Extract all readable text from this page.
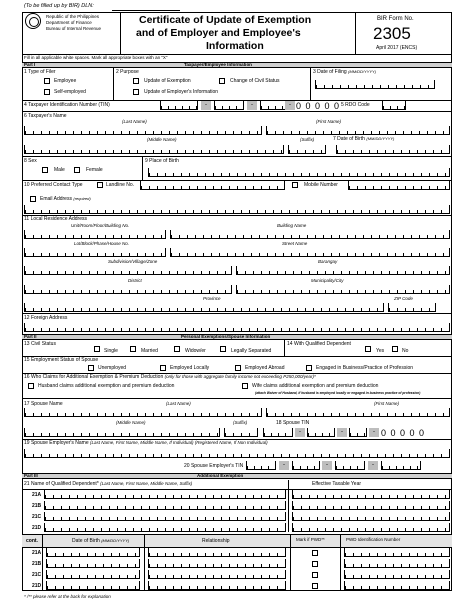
(To be filled up by BIR) DLN:
Republic of the Philippines
Department of Finance
Bureau of Internal Revenue
Certificate of Update of Exemption
and of Employer and Employee's
Information
BIR Form No.
2305
April 2017 (ENCS)
Fill in all applicable white spaces. Mark all appropriate boxes with an "X"
Part I	Taxpayer/Employee Information
1 Type of Filer
Employee
Self-employed
2 Purpose
Update of Exemption	Change of Civil Status
Update of Employer's Information
3 Date of Filing (MM/DD/YYYY)
4 Taxpayer Identification Number (TIN)	-	-	- 0 0 0 0 0 5 RDO Code
6 Taxpayer's Name
(Last Name)	(First Name)
(Middle Name)	(Suffix)	7 Date of Birth (MM/DD/YYYY)
8 Sex
Male	Female
9 Place of Birth
10 Preferred Contact Type	Landline No.	Mobile Number
Email Address (required)
11 Local Residence Address
Unit/Room/Floor/Building No.	Building Name
Lot/Block/Phase/House No.	Street Name
Subdivision/Village/Zone	Barangay
District	Municipality/City
Province	ZIP Code
12 Foreign Address
Part II	Personal Exemptions/Spouse Information
13 Civil Status
Single	Married	Widow/er	Legally Separated
14 With Qualified Dependent
Yes	No
15 Employment Status of Spouse
Unemployed	Employed Locally	Employed Abroad	Engaged in Business/Practice of Profession
16 Who Claims for Additional Exemption & Premium Deduction (only for those with aggregate family income not exceeding P250,000/year)*
Husband claims additional exemption and premium deduction	Wife claims additional exemption and premium deduction
(attach Waiver of Husband, if husband is employed locally or engaged in business practice of profession)
17 Spouse Name	(Last Name)	(First Name)
(Middle Name)	(Suffix)	18 Spouse TIN
-	-	- 0 0 0 0 0
19 Spouse Employer's Name (Last Name, First Name, Middle Name, If Individual) (Registered Name, If Non Individual)
20 Spouse Employer's TIN	-	-	-
Part III	Additional Exemption
21 Name of Qualified Dependent* (Last Name, First Name, Middle Name, Suffix)	Effective Taxable Year
21A
21B
21C
21D
cont.	Date of Birth (MM/DD/YYYY)	Relationship	Mark if PWD**	PWD Identification Number
21A
21B
21C
21D
* /** please refer at the back for explanation
